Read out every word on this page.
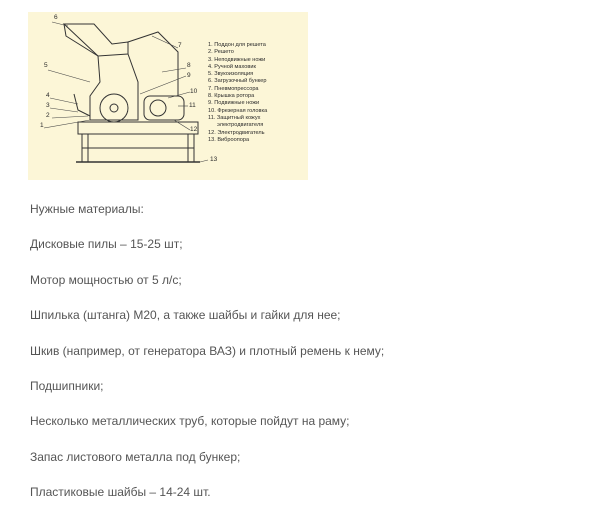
6
5
4
3
2
1
7
8
9
10
11
12
13
1. Поддон для решета
2. Решето
3. Неподвижные ножи
4. Ручной маховик
5. Звукоизоляция
6. Загрузочный бункер
7. Пневмопрессора
8. Крышка ротора
9. Подвижные ножи
10. Фрезерная головка
11. Защитный кожух
электродвигателя
12. Электродвигатель
13. Виброопора

Нужные материалы:

Дисковые пилы – 15-25 шт;

Мотор мощностью от 5 л/с;

Шпилька (штанга) М20, а также шайбы и гайки для нее;

Шкив (например, от генератора ВАЗ) и плотный ремень к нему;

Подшипники;

Несколько металлических труб, которые пойдут на раму;

Запас листового металла под бункер;

Пластиковые шайбы – 14-24 шт.
